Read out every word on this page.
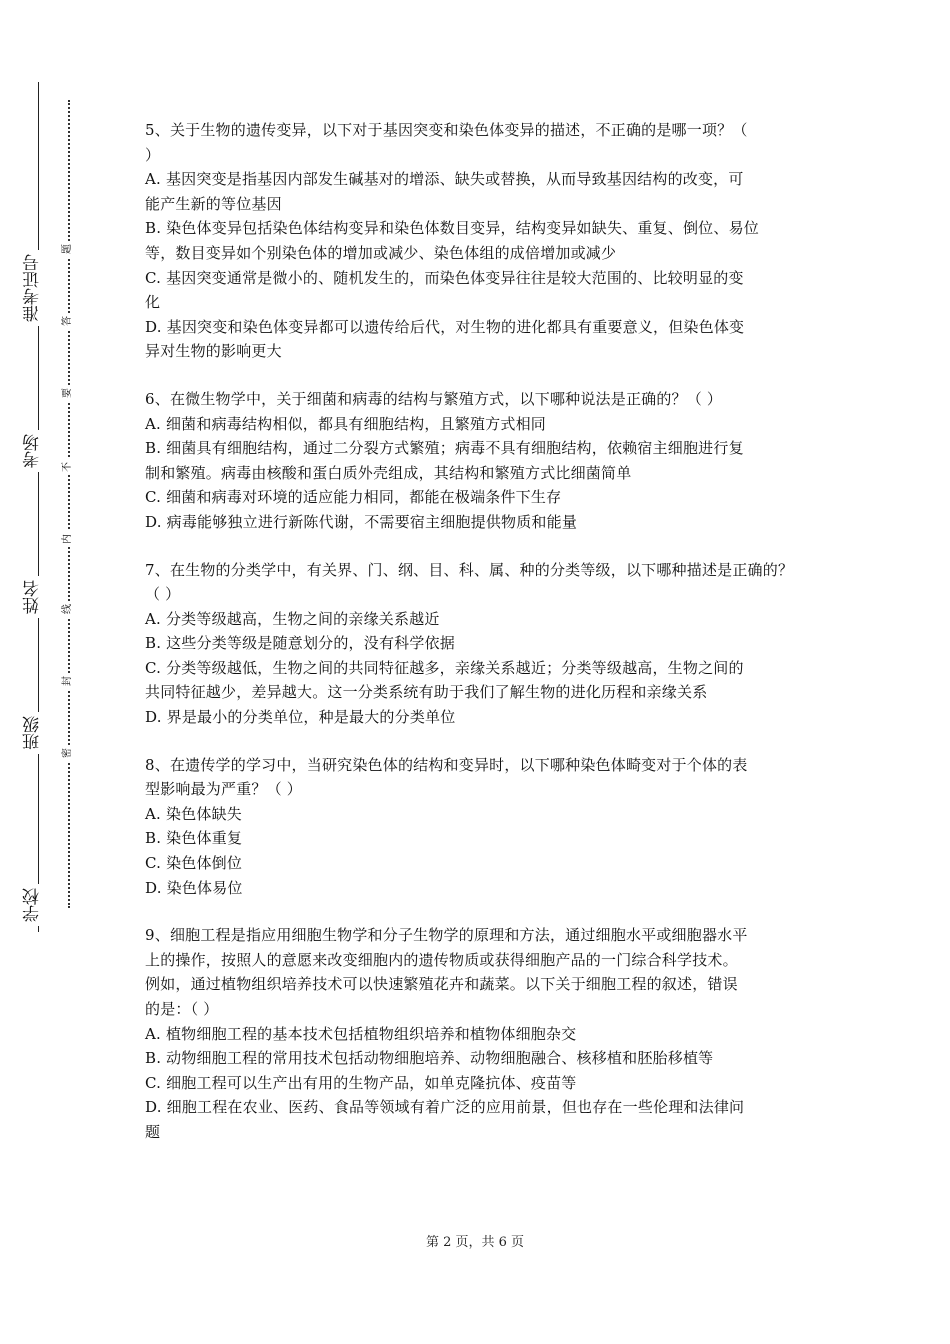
准考证号
考场
姓名
班级
学校
题
答
要
不
内
线
封
密
5、关于生物的遗传变异，以下对于基因突变和染色体变异的描述，不正确的是哪一项？（
）
A. 基因突变是指基因内部发生碱基对的增添、缺失或替换，从而导致基因结构的改变，可
能产生新的等位基因
B. 染色体变异包括染色体结构变异和染色体数目变异，结构变异如缺失、重复、倒位、易位
等，数目变异如个别染色体的增加或减少、染色体组的成倍增加或减少
C. 基因突变通常是微小的、随机发生的，而染色体变异往往是较大范围的、比较明显的变
化
D. 基因突变和染色体变异都可以遗传给后代，对生物的进化都具有重要意义，但染色体变
异对生物的影响更大
6、在微生物学中，关于细菌和病毒的结构与繁殖方式，以下哪种说法是正确的？（ ）
A. 细菌和病毒结构相似，都具有细胞结构，且繁殖方式相同
B. 细菌具有细胞结构，通过二分裂方式繁殖；病毒不具有细胞结构，依赖宿主细胞进行复
制和繁殖。病毒由核酸和蛋白质外壳组成，其结构和繁殖方式比细菌简单
C. 细菌和病毒对环境的适应能力相同，都能在极端条件下生存
D. 病毒能够独立进行新陈代谢，不需要宿主细胞提供物质和能量
7、在生物的分类学中，有关界、门、纲、目、科、属、种的分类等级，以下哪种描述是正确的？
（ ）
A. 分类等级越高，生物之间的亲缘关系越近
B. 这些分类等级是随意划分的，没有科学依据
C. 分类等级越低，生物之间的共同特征越多，亲缘关系越近；分类等级越高，生物之间的
共同特征越少，差异越大。这一分类系统有助于我们了解生物的进化历程和亲缘关系
D. 界是最小的分类单位，种是最大的分类单位
8、在遗传学的学习中，当研究染色体的结构和变异时，以下哪种染色体畸变对于个体的表
型影响最为严重？（ ）
A. 染色体缺失
B. 染色体重复
C. 染色体倒位
D. 染色体易位
9、细胞工程是指应用细胞生物学和分子生物学的原理和方法，通过细胞水平或细胞器水平
上的操作，按照人的意愿来改变细胞内的遗传物质或获得细胞产品的一门综合科学技术。
例如，通过植物组织培养技术可以快速繁殖花卉和蔬菜。以下关于细胞工程的叙述，错误
的是：（ ）
A. 植物细胞工程的基本技术包括植物组织培养和植物体细胞杂交
B. 动物细胞工程的常用技术包括动物细胞培养、动物细胞融合、核移植和胚胎移植等
C. 细胞工程可以生产出有用的生物产品，如单克隆抗体、疫苗等
D. 细胞工程在农业、医药、食品等领域有着广泛的应用前景，但也存在一些伦理和法律问
题
第 2 页，共 6 页
